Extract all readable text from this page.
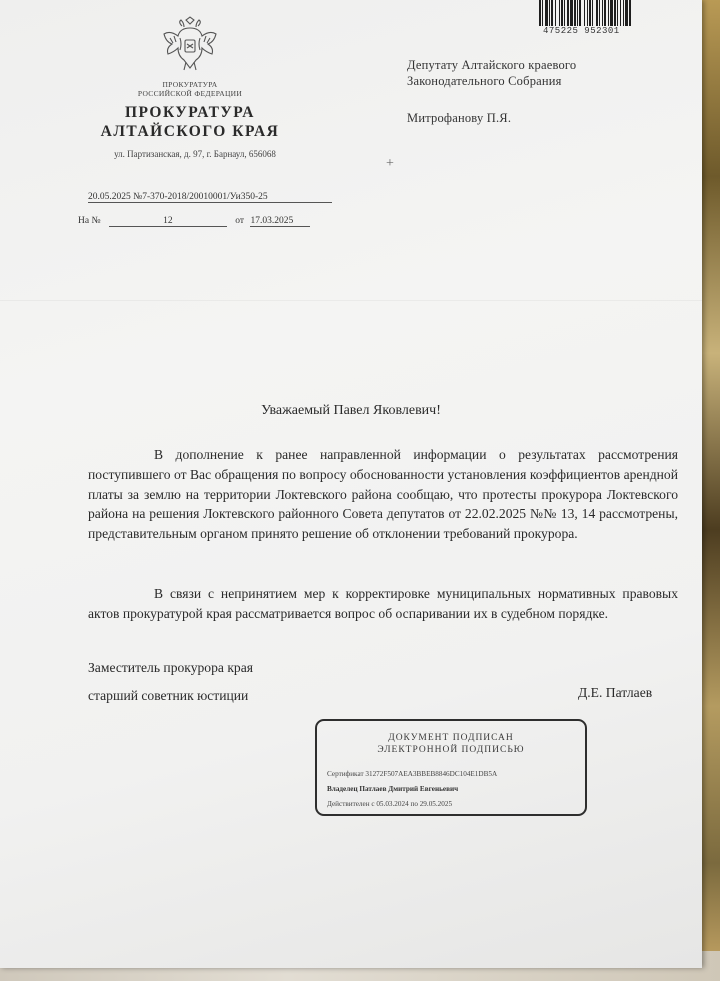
475225 952301
ПРОКУРАТУРА
РОССИЙСКОЙ ФЕДЕРАЦИИ
ПРОКУРАТУРА
АЛТАЙСКОГО КРАЯ
ул. Партизанская, д. 97, г. Барнаул, 656068
20.05.2025 №7-370-2018/20010001/Уи350-25
На №	12	от 17.03.2025
Депутату Алтайского краевого
Законодательного Собрания
Митрофанову П.Я.
+
Уважаемый Павел Яковлевич!
В дополнение к ранее направленной информации о результатах рассмотрения поступившего от Вас обращения по вопросу обоснованности установления коэффициентов арендной платы за землю на территории Локтевского района сообщаю, что протесты прокурора Локтевского района на решения Локтевского районного Совета депутатов от 22.02.2025 №№ 13, 14 рассмотрены, представительным органом принято решение об отклонении требований прокурора.
В связи с непринятием мер к корректировке муниципальных нормативных правовых актов прокуратурой края рассматривается вопрос об оспаривании их в судебном порядке.
Заместитель прокурора края
старший советник юстиции	Д.Е. Патлаев
ДОКУМЕНТ ПОДПИСАН
ЭЛЕКТРОННОЙ ПОДПИСЬЮ
Сертификат 31272F507AEA3BBEB8846DC104E1DB5A
Владелец Патлаев Дмитрий Евгеньевич
Действителен с 05.03.2024 по 29.05.2025
